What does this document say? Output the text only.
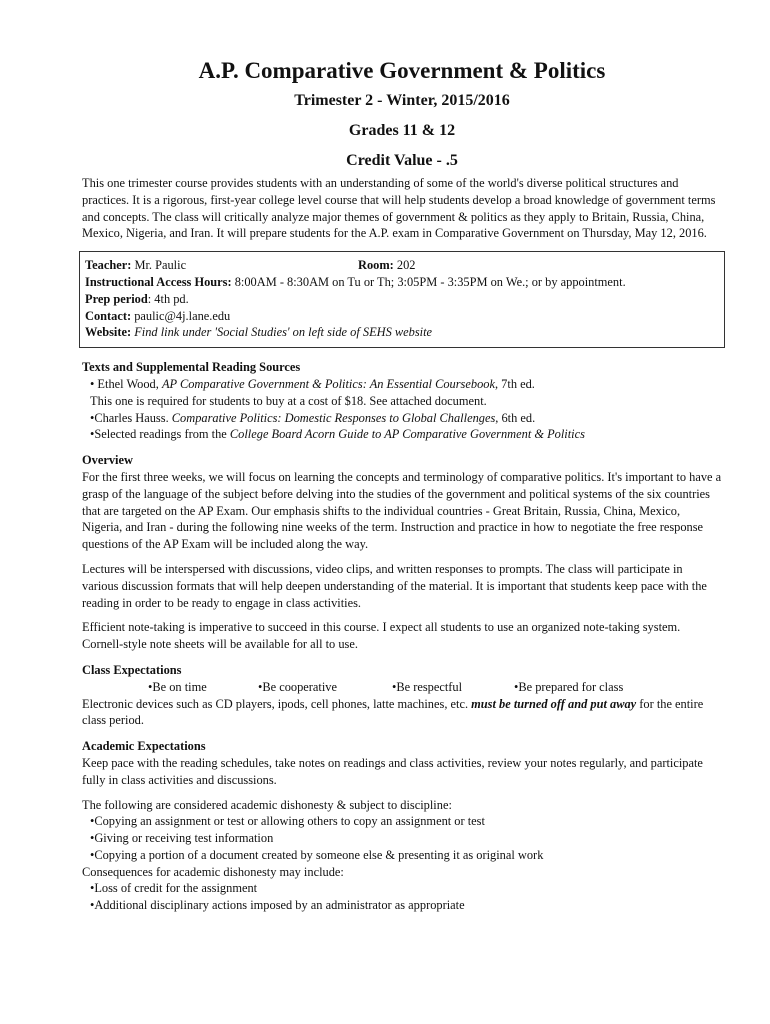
A.P. Comparative Government & Politics
Trimester 2 - Winter, 2015/2016
Grades 11 & 12
Credit Value - .5

This one trimester course provides students with an understanding of some of the world's diverse political structures and practices. It is a rigorous, first-year college level course that will help students develop a broad knowledge of government terms and concepts. The class will critically analyze major themes of government & politics as they apply to Britain, Russia, China, Mexico, Nigeria, and Iran. It will prepare students for the A.P. exam in Comparative Government on Thursday, May 12, 2016.

Teacher: Mr. Paulic	Room: 202
Instructional Access Hours: 8:00AM - 8:30AM on Tu or Th; 3:05PM - 3:35PM on We.; or by appointment.
Prep period: 4th pd.
Contact: paulic@4j.lane.edu
Website: Find link under 'Social Studies' on left side of SEHS website
Texts and Supplemental Reading Sources
• Ethel Wood, AP Comparative Government & Politics: An Essential Coursebook, 7th ed.
This one is required for students to buy at a cost of $18. See attached document.
•Charles Hauss. Comparative Politics: Domestic Responses to Global Challenges, 6th ed.
•Selected readings from the College Board Acorn Guide to AP Comparative Government & Politics
Overview

For the first three weeks, we will focus on learning the concepts and terminology of comparative politics. It's important to have a grasp of the language of the subject before delving into the studies of the government and political systems of the six countries that are targeted on the AP Exam. Our emphasis shifts to the individual countries - Great Britain, Russia, China, Mexico, Nigeria, and Iran - during the following nine weeks of the term. Instruction and practice in how to negotiate the free response questions of the AP Exam will be included along the way.

Lectures will be interspersed with discussions, video clips, and written responses to prompts. The class will participate in various discussion formats that will help deepen understanding of the material. It is important that students keep pace with the reading in order to be ready to engage in class activities.

Efficient note-taking is imperative to succeed in this course. I expect all students to use an organized note-taking system. Cornell-style note sheets will be available for all to use.

Class Expectations
•Be on time	•Be cooperative	•Be respectful	•Be prepared for class

Electronic devices such as CD players, ipods, cell phones, latte machines, etc. must be turned off and put away for the entire class period.

Academic Expectations

Keep pace with the reading schedules, take notes on readings and class activities, review your notes regularly, and participate fully in class activities and discussions.

The following are considered academic dishonesty & subject to discipline:

•Copying an assignment or test or allowing others to copy an assignment or test
•Giving or receiving test information
•Copying a portion of a document created by someone else & presenting it as original work

Consequences for academic dishonesty may include:

•Loss of credit for the assignment
•Additional disciplinary actions imposed by an administrator as appropriate
